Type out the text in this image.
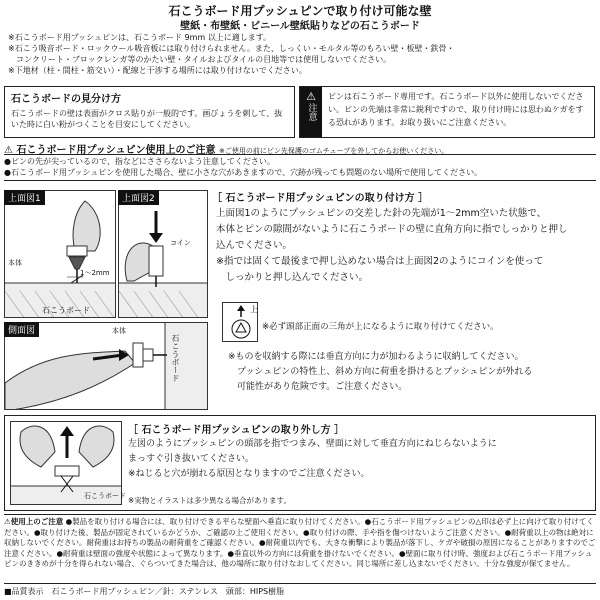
石こうボード用プッシュピンで取り付け可能な壁
壁紙・布壁紙・ビニール壁紙貼りなどの石こうボード
※石こうボード用プッシュピンは、石こうボード 9mm 以上に適します。
※石こう吸音ボード・ロックウール吸音板には取り付けられません。また、しっくい・モルタル等のもろい壁・板壁・鉄骨・
コンクリート・ブロックレンガ等のかたい壁・タイルおよびタイルの目地等では使用しないでください。
※下地材（柱・間柱・筋交い）・配線と干渉する場所には取り付けないでください。
石こうボードの見分け方
石こうボードの壁は表面がクロス貼りが一般的です。画びょうを刺して、抜いた時に白い粉がつくことを目安にしてください。
⚠
注意
ピンは石こうボード専用です。石こうボード以外に使用しないでください。ピンの先端は非常に鋭利ですので、取り付け時には思わぬケガをする恐れがあります。お取り扱いにご注意ください。
⚠ 石こうボード用プッシュピン使用上のご注意 ※ご使用の前にピン先保護のゴムチューブを外してからお使いください。
●ピンの先が尖っているので、指などにささらないよう注意してください。
●石こうボード用プッシュピンを使用した場合、壁に小さな穴があきますので、穴跡が残っても問題のない場所で使用してください。
上面図1
本体
1〜2mm
石こうボード
上面図2
コイン
側面図	本体
石こうボード
［ 石こうボード用プッシュピンの取り付け方 ］
上面図1のようにプッシュピンの交差した針の先端が1〜2mm空いた状態で、
本体とピンの隙間がないように石こうボードの壁に直角方向に指でしっかりと押し
込んでください。
※指では固くて最後まで押し込めない場合は上面図2のようにコインを使って
　しっかりと押し込んでください。
上
※必ず頭部正面の三角が上になるように取り付けてください。
※ものを収納する際には垂直方向に力が加わるように収納してください。
　プッシュピンの特性上、斜め方向に荷重を掛けるとプッシュピンが外れる
　可能性があり危険です。ご注意ください。
石こうボード
［ 石こうボード用プッシュピンの取り外し方 ］
左図のようにプッシュピンの頭部を指でつまみ、壁面に対して垂直方向にねじらないように
まっすぐ引き抜いてください。
※ねじると穴が崩れる原因となりますのでご注意ください。
※実物とイラストは多少異なる場合があります。
⚠使用上のご注意 ●製品を取り付ける場合には、取り付けできる平らな壁面へ垂直に取り付けてください。●石こうボード用プッシュピンの△印は必ず上に向けて取り付けてください。●取り付けた後、製品が固定されているかどうか、ご確認の上ご使用ください。●取り付けの際、手や指を傷つけないようご注意ください。●耐荷重以上の物は絶対に収納しないでください。耐荷重はお持ちの製品の耐荷重をご確認ください。●耐荷重以内でも、大きな衝撃により製品が落下し、ケガや破損の原因になることがありますのでご注意ください。●耐荷重は壁面の強度や状態によって異なります。●垂直以外の方向には荷重を掛けないでください。●壁面に取り付け時、強度および石こうボード用プッシュピンのききめが十分を得られない場合、ぐらついてきた場合は、他の場所に取り付けなおしてください。同じ場所に差し込まないでください。十分な強度が保てません。
■品質表示　石こうボード用プッシュピン／針：ステンレス　頭部：HIPS樹脂
